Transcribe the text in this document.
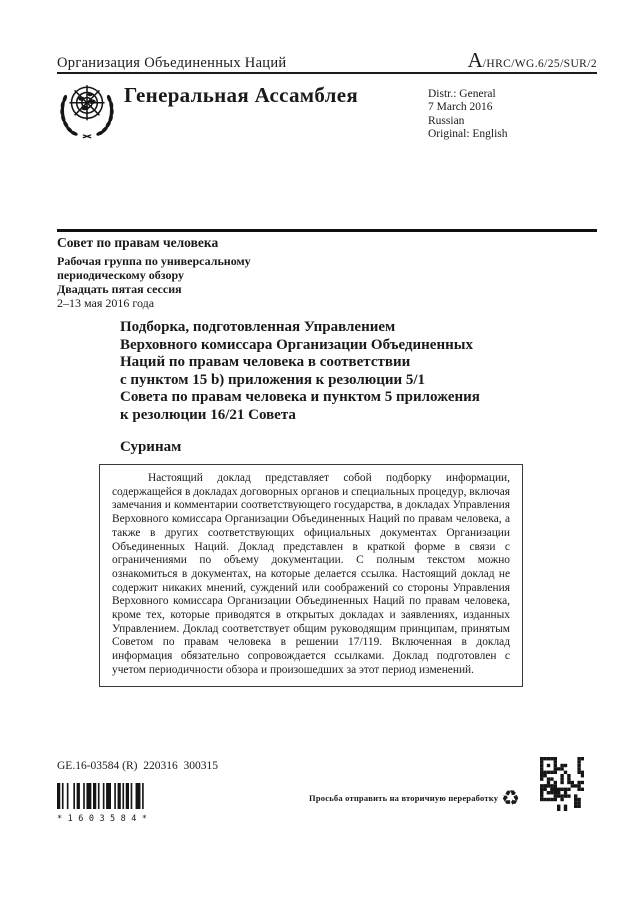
Организация Объединенных Наций	A/HRC/WG.6/25/SUR/2
Генеральная Ассамблея	Distr.: General
7 March 2016
Russian
Original: English
Совет по правам человека
Рабочая группа по универсальному
периодическому обзору
Двадцать пятая сессия
2–13 мая 2016 года
Подборка, подготовленная Управлением
Верховного комиссара Организации Объединенных
Наций по правам человека в соответствии
с пунктом 15 b) приложения к резолюции 5/1
Совета по правам человека и пунктом 5 приложения
к резолюции 16/21 Совета
Суринам

Настоящий доклад представляет собой подборку информации, содержащейся в докладах договорных органов и специальных процедур, включая замечания и комментарии соответствующего государства, в докладах Управления Верховного комиссара Организации Объединенных Наций по правам человека, а также в других соответствующих официальных документах Организации Объединенных Наций. Доклад представлен в краткой форме в связи с ограничениями по объему документации. С полным текстом можно ознакомиться в документах, на которые делается ссылка. Настоящий доклад не содержит никаких мнений, суждений или соображений со стороны Управления Верховного комиссара Организации Объединенных Наций по правам человека, кроме тех, которые приводятся в открытых докладах и заявлениях, изданных Управлением. Доклад соответствует общим руководящим принципам, принятым Советом по правам человека в решении 17/119. Включенная в доклад информация обязательно сопровождается ссылками. Доклад подготовлен с учетом периодичности обзора и произошедших за этот период изменений.

GE.16-03584 (R)  220316  300315
* 1 6 0 3 5 8 4 *
Просьба отправить на вторичную переработку ♻
